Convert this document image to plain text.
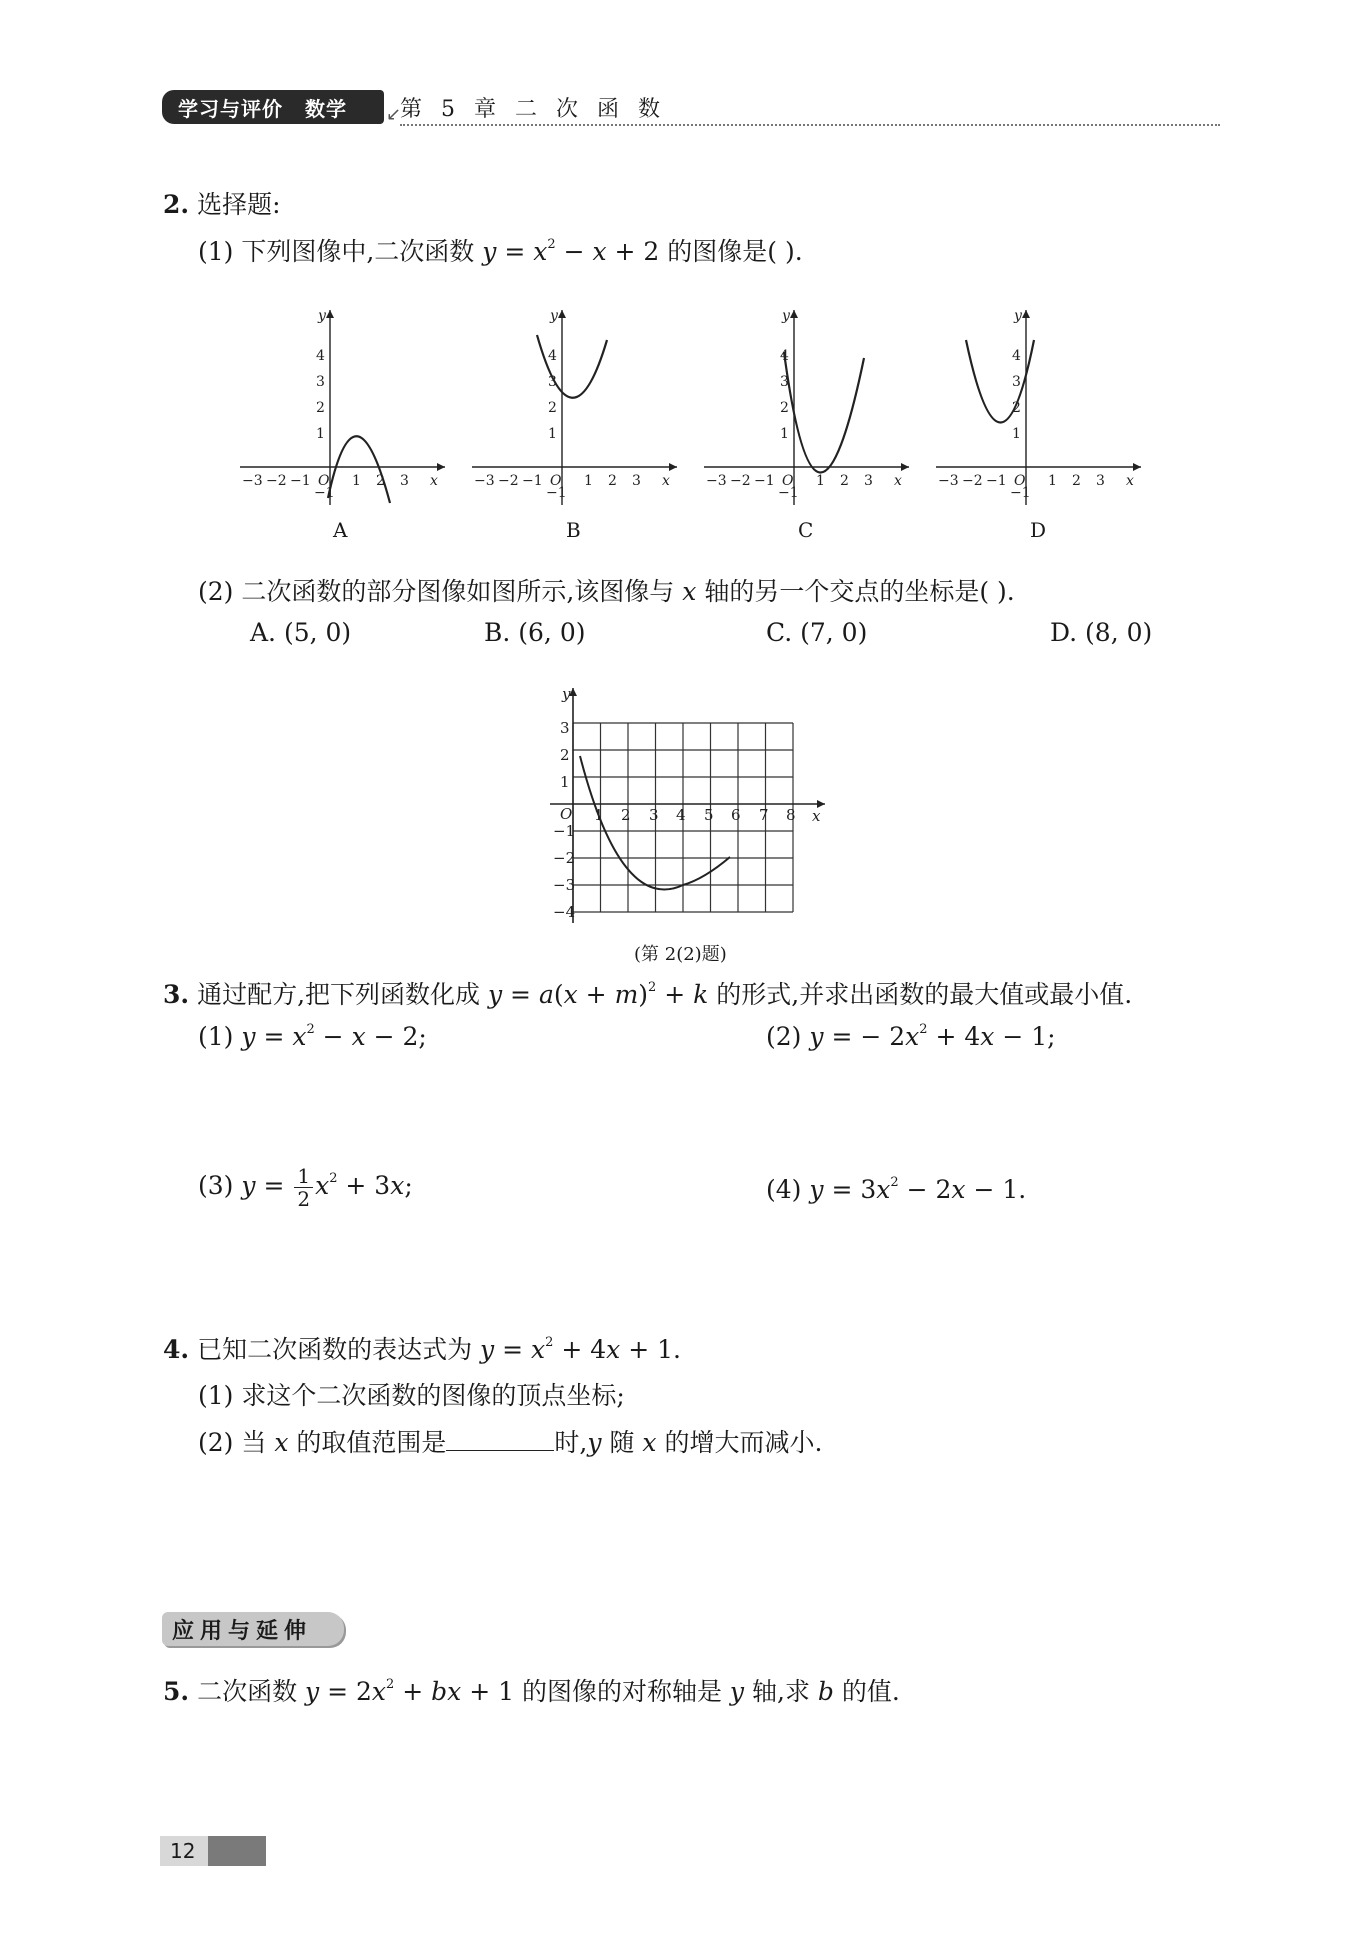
学习与评价 数学 ↙
第 5 章 二 次 函 数
2. 选择题:
(1) 下列图像中,二次函数 $y = x^2 - x + 2$ 的图像是( ).
y
x
4
3
2
1
−3 −2 −1 O 1 2 3
−1
y
x
4
3
2
1
−3 −2 −1 O 1 2 3
−1
y
x
4
3
2
1
−3 −2 −1 O 1 2 3
−1
y
x
4
3
2
1
−3 −2 −1 O 1 2 3
−1
A	B	C	D
(2) 二次函数的部分图像如图所示,该图像与 x 轴的另一个交点的坐标是( ).
A. (5, 0)	B. (6, 0)	C. (7, 0)	D. (8, 0)
y
x
3
2
1
O
−1
−2
−3
−4
1 2 3 4 5 6 7 8
(第 2(2)题)
3. 通过配方,把下列函数化成 $y = a(x + m)^2 + k$ 的形式,并求出函数的最大值或最小值.
(1) $y = x^2 - x - 2$;	(2) y = − $2x^2 + 4x - 1$;
(3) $y = \frac{1}{2} x^2 + 3x$;	(4) $y = 3x^2 - 2x - 1$.
4. 已知二次函数的表达式为 $y = x^2 + 4x + 1$.
(1) 求这个二次函数的图像的顶点坐标;
(2) 当 x 的取值范围是	时,y 随 x 的增大而减小.
应用与延伸
5. 二次函数 $y = 2x^2$ + bx + 1 的图像的对称轴是 y 轴,求 b 的值.
12
